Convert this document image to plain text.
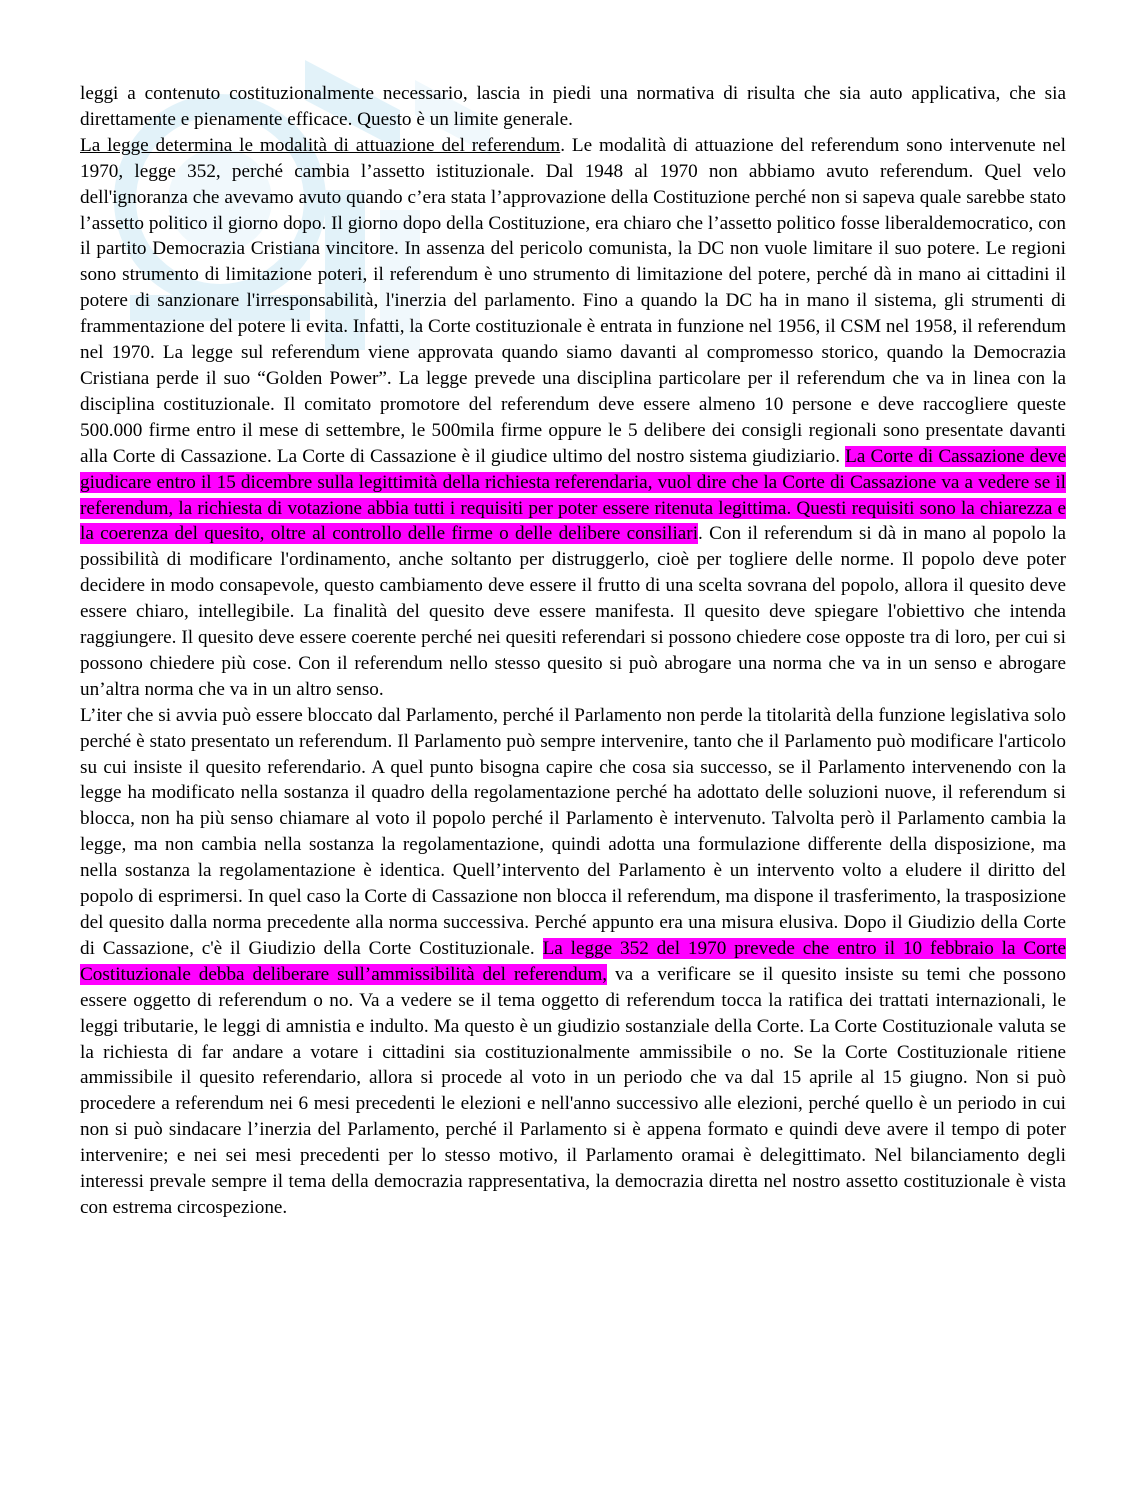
leggi a contenuto costituzionalmente necessario, lascia in piedi una normativa di risulta che sia auto applicativa, che sia direttamente e pienamente efficace. Questo è un limite generale.

La legge determina le modalità di attuazione del referendum. Le modalità di attuazione del referendum sono intervenute nel 1970, legge 352, perché cambia l’assetto istituzionale. Dal 1948 al 1970 non abbiamo avuto referendum. Quel velo dell'ignoranza che avevamo avuto quando c’era stata l’approvazione della Costituzione perché non si sapeva quale sarebbe stato l’assetto politico il giorno dopo. Il giorno dopo della Costituzione, era chiaro che l’assetto politico fosse liberaldemocratico, con il partito Democrazia Cristiana vincitore. In assenza del pericolo comunista, la DC non vuole limitare il suo potere. Le regioni sono strumento di limitazione poteri, il referendum è uno strumento di limitazione del potere, perché dà in mano ai cittadini il potere di sanzionare l'irresponsabilità, l'inerzia del parlamento. Fino a quando la DC ha in mano il sistema, gli strumenti di frammentazione del potere li evita. Infatti, la Corte costituzionale è entrata in funzione nel 1956, il CSM nel 1958, il referendum nel 1970. La legge sul referendum viene approvata quando siamo davanti al compromesso storico, quando la Democrazia Cristiana perde il suo “Golden Power”. La legge prevede una disciplina particolare per il referendum che va in linea con la disciplina costituzionale. Il comitato promotore del referendum deve essere almeno 10 persone e deve raccogliere queste 500.000 firme entro il mese di settembre, le 500mila firme oppure le 5 delibere dei consigli regionali sono presentate davanti alla Corte di Cassazione. La Corte di Cassazione è il giudice ultimo del nostro sistema giudiziario. La Corte di Cassazione deve giudicare entro il 15 dicembre sulla legittimità della richiesta referendaria, vuol dire che la Corte di Cassazione va a vedere se il referendum, la richiesta di votazione abbia tutti i requisiti per poter essere ritenuta legittima. Questi requisiti sono la chiarezza e la coerenza del quesito, oltre al controllo delle firme o delle delibere consiliari. Con il referendum si dà in mano al popolo la possibilità di modificare l'ordinamento, anche soltanto per distruggerlo, cioè per togliere delle norme. Il popolo deve poter decidere in modo consapevole, questo cambiamento deve essere il frutto di una scelta sovrana del popolo, allora il quesito deve essere chiaro, intellegibile. La finalità del quesito deve essere manifesta. Il quesito deve spiegare l'obiettivo che intenda raggiungere. Il quesito deve essere coerente perché nei quesiti referendari si possono chiedere cose opposte tra di loro, per cui si possono chiedere più cose. Con il referendum nello stesso quesito si può abrogare una norma che va in un senso e abrogare un’altra norma che va in un altro senso.

L’iter che si avvia può essere bloccato dal Parlamento, perché il Parlamento non perde la titolarità della funzione legislativa solo perché è stato presentato un referendum. Il Parlamento può sempre intervenire, tanto che il Parlamento può modificare l'articolo su cui insiste il quesito referendario. A quel punto bisogna capire che cosa sia successo, se il Parlamento intervenendo con la legge ha modificato nella sostanza il quadro della regolamentazione perché ha adottato delle soluzioni nuove, il referendum si blocca, non ha più senso chiamare al voto il popolo perché il Parlamento è intervenuto. Talvolta però il Parlamento cambia la legge, ma non cambia nella sostanza la regolamentazione, quindi adotta una formulazione differente della disposizione, ma nella sostanza la regolamentazione è identica. Quell’intervento del Parlamento è un intervento volto a eludere il diritto del popolo di esprimersi. In quel caso la Corte di Cassazione non blocca il referendum, ma dispone il trasferimento, la trasposizione del quesito dalla norma precedente alla norma successiva. Perché appunto era una misura elusiva. Dopo il Giudizio della Corte di Cassazione, c'è il Giudizio della Corte Costituzionale. La legge 352 del 1970 prevede che entro il 10 febbraio la Corte Costituzionale debba deliberare sull’ammissibilità del referendum, va a verificare se il quesito insiste su temi che possono essere oggetto di referendum o no. Va a vedere se il tema oggetto di referendum tocca la ratifica dei trattati internazionali, le leggi tributarie, le leggi di amnistia e indulto. Ma questo è un giudizio sostanziale della Corte. La Corte Costituzionale valuta se la richiesta di far andare a votare i cittadini sia costituzionalmente ammissibile o no. Se la Corte Costituzionale ritiene ammissibile il quesito referendario, allora si procede al voto in un periodo che va dal 15 aprile al 15 giugno. Non si può procedere a referendum nei 6 mesi precedenti le elezioni e nell'anno successivo alle elezioni, perché quello è un periodo in cui non si può sindacare l’inerzia del Parlamento, perché il Parlamento si è appena formato e quindi deve avere il tempo di poter intervenire; e nei sei mesi precedenti per lo stesso motivo, il Parlamento oramai è delegittimato. Nel bilanciamento degli interessi prevale sempre il tema della democrazia rappresentativa, la democrazia diretta nel nostro assetto costituzionale è vista con estrema circospezione.
